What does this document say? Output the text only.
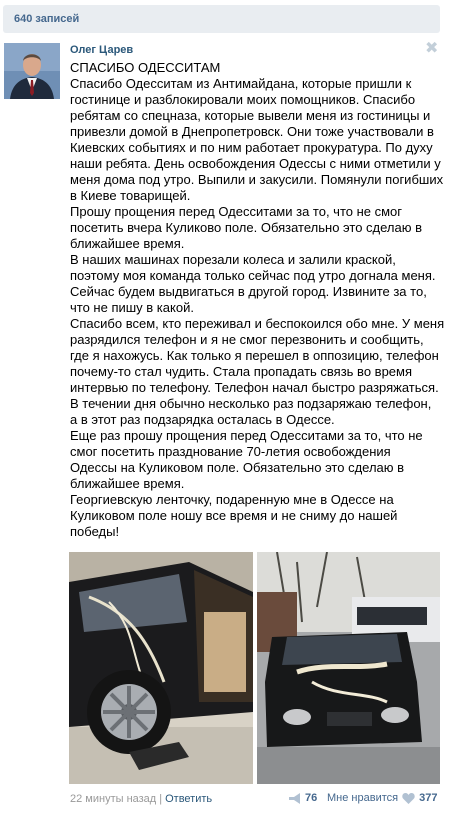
640 записей
Олег Царев	✖

СПАСИБО ОДЕССИТАМ

Спасибо Одесситам из Антимайдана, которые пришли к

гостинице и разблокировали моих помощников. Спасибо

ребятам со спецназа, которые вывели меня из гостиницы и

привезли домой в Днепропетровск. Они тоже участвовали в

Киевских событиях и по ним работает прокуратура. По духу

наши ребята. День освобождения Одессы с ними отметили у

меня дома под утро. Выпили и закусили. Помянули погибших

в Киеве товарищей.

Прошу прощения перед Одесситами за то, что не смог

посетить вчера Куликово поле. Обязательно это сделаю в

ближайшее время.

В наших машинах порезали колеса и залили краской,

поэтому моя команда только сейчас под утро догнала меня.

Сейчас будем выдвигаться в другой город. Извините за то,

что не пишу в какой.

Спасибо всем, кто переживал и беспокоился обо мне. У меня

разрядился телефон и я не смог перезвонить и сообщить,

где я нахожусь. Как только я перешел в оппозицию, телефон

почему-то стал чудить. Стала пропадать связь во время

интервью по телефону. Телефон начал быстро разряжаться.

В течении дня обычно несколько раз подзаряжаю телефон,

а в этот раз подзарядка осталась в Одессе.

Еще раз прошу прощения перед Одесситами за то, что не

смог посетить празднование 70-летия освобождения

Одессы на Куликовом поле. Обязательно это сделаю в

ближайшее время.

Георгиевскую ленточку, подаренную мне в Одессе на

Куликовом поле ношу все время и не сниму до нашей

победы!

22 минуты назад | Ответить	76 Мне нравится 377
